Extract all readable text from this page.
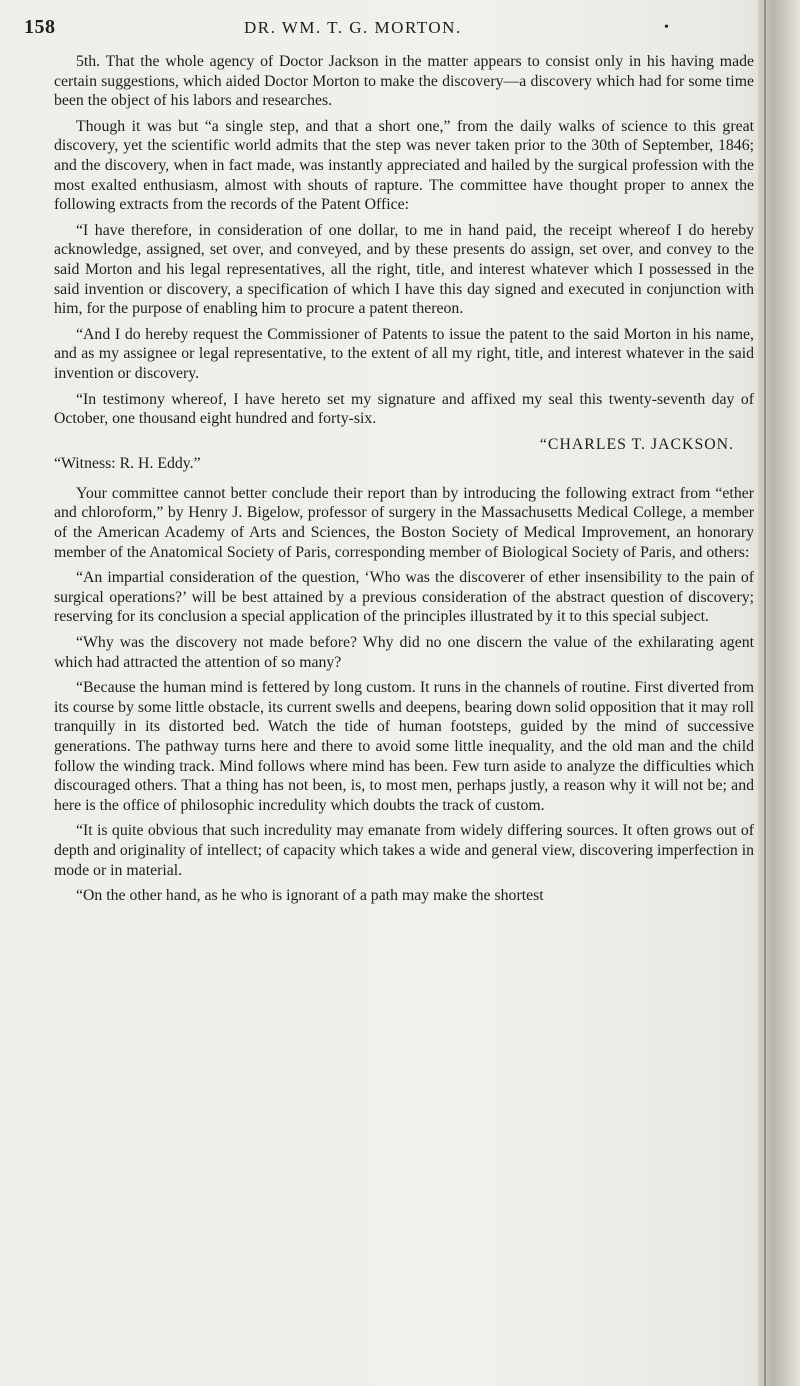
158	DR. WM. T. G. MORTON.	•

5th. That the whole agency of Doctor Jackson in the matter appears to consist only in his having made certain suggestions, which aided Doctor Morton to make the discovery—a discovery which had for some time been the object of his labors and researches.

Though it was but “a single step, and that a short one,” from the daily walks of science to this great discovery, yet the scientific world admits that the step was never taken prior to the 30th of September, 1846; and the discovery, when in fact made, was instantly appreciated and hailed by the surgical profession with the most exalted enthusiasm, almost with shouts of rapture. The committee have thought proper to annex the following extracts from the records of the Patent Office:

“I have therefore, in consideration of one dollar, to me in hand paid, the receipt whereof I do hereby acknowledge, assigned, set over, and conveyed, and by these presents do assign, set over, and convey to the said Morton and his legal representatives, all the right, title, and interest whatever which I possessed in the said invention or discovery, a specification of which I have this day signed and executed in conjunction with him, for the purpose of enabling him to procure a patent thereon.

“And I do hereby request the Commissioner of Patents to issue the patent to the said Morton in his name, and as my assignee or legal representative, to the extent of all my right, title, and interest whatever in the said invention or discovery.

“In testimony whereof, I have hereto set my signature and affixed my seal this twenty-seventh day of October, one thousand eight hundred and forty-six.

“CHARLES T. JACKSON.

“Witness: R. H. Eddy.”

Your committee cannot better conclude their report than by introducing the following extract from “ether and chloroform,” by Henry J. Bigelow, professor of surgery in the Massachusetts Medical College, a member of the American Academy of Arts and Sciences, the Boston Society of Medical Improvement, an honorary member of the Anatomical Society of Paris, corresponding member of Biological Society of Paris, and others:

“An impartial consideration of the question, ‘Who was the discoverer of ether insensibility to the pain of surgical operations?’ will be best attained by a previous consideration of the abstract question of discovery; reserving for its conclusion a special application of the principles illustrated by it to this special subject.

“Why was the discovery not made before? Why did no one discern the value of the exhilarating agent which had attracted the attention of so many?

“Because the human mind is fettered by long custom. It runs in the channels of routine. First diverted from its course by some little obstacle, its current swells and deepens, bearing down solid opposition that it may roll tranquilly in its distorted bed. Watch the tide of human footsteps, guided by the mind of successive generations. The pathway turns here and there to avoid some little inequality, and the old man and the child follow the winding track. Mind follows where mind has been. Few turn aside to analyze the difficulties which discouraged others. That a thing has not been, is, to most men, perhaps justly, a reason why it will not be; and here is the office of philosophic incredulity which doubts the track of custom.

“It is quite obvious that such incredulity may emanate from widely differing sources. It often grows out of depth and originality of intellect; of capacity which takes a wide and general view, discovering imperfection in mode or in material.

“On the other hand, as he who is ignorant of a path may make the shortest
